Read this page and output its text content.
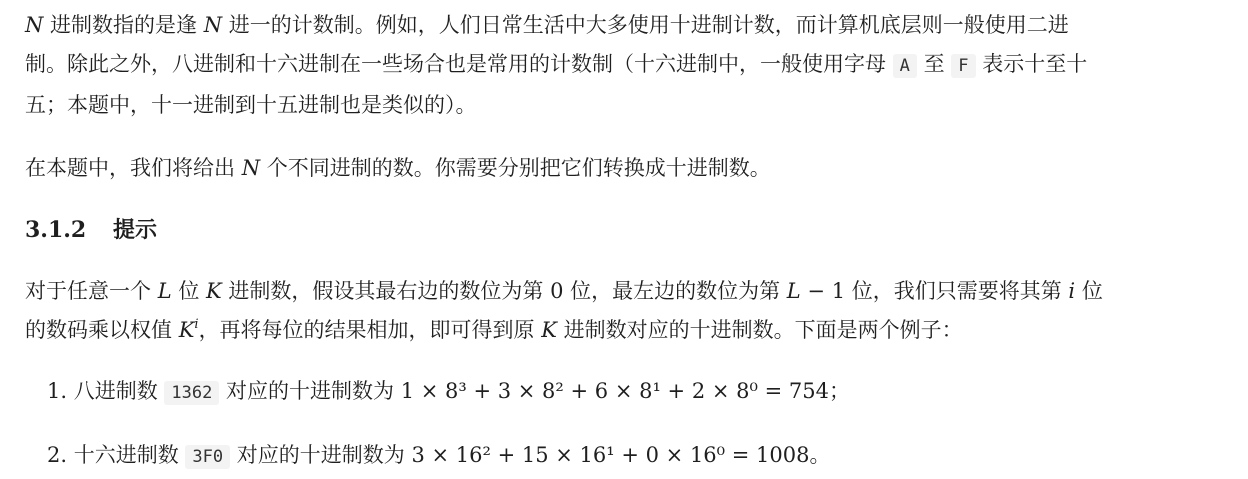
N 进制数指的是逢 N 进一的计数制。例如，人们日常生活中大多使用十进制计数，而计算机底层则一般使用二进
制。除此之外，八进制和十六进制在一些场合也是常用的计数制（十六进制中，一般使用字母 A 至 F 表示十至十
五；本题中，十一进制到十五进制也是类似的）。

在本题中，我们将给出 N 个不同进制的数。你需要分别把它们转换成十进制数。

3.1.2 提示

对于任意一个 L 位 K 进制数，假设其最右边的数位为第 0 位，最左边的数位为第 L − 1 位，我们只需要将其第 i 位
的数码乘以权值 $K^i$，再将每位的结果相加，即可得到原 K 进制数对应的十进制数。下面是两个例子：

1. 八进制数 1362 对应的十进制数为 1 × 8³ + 3 × 8² + 6 × 8¹ + 2 × 8⁰ = 754；

2. 十六进制数 3F0 对应的十进制数为 3 × 16² + 15 × 16¹ + 0 × 16⁰ = 1008。
